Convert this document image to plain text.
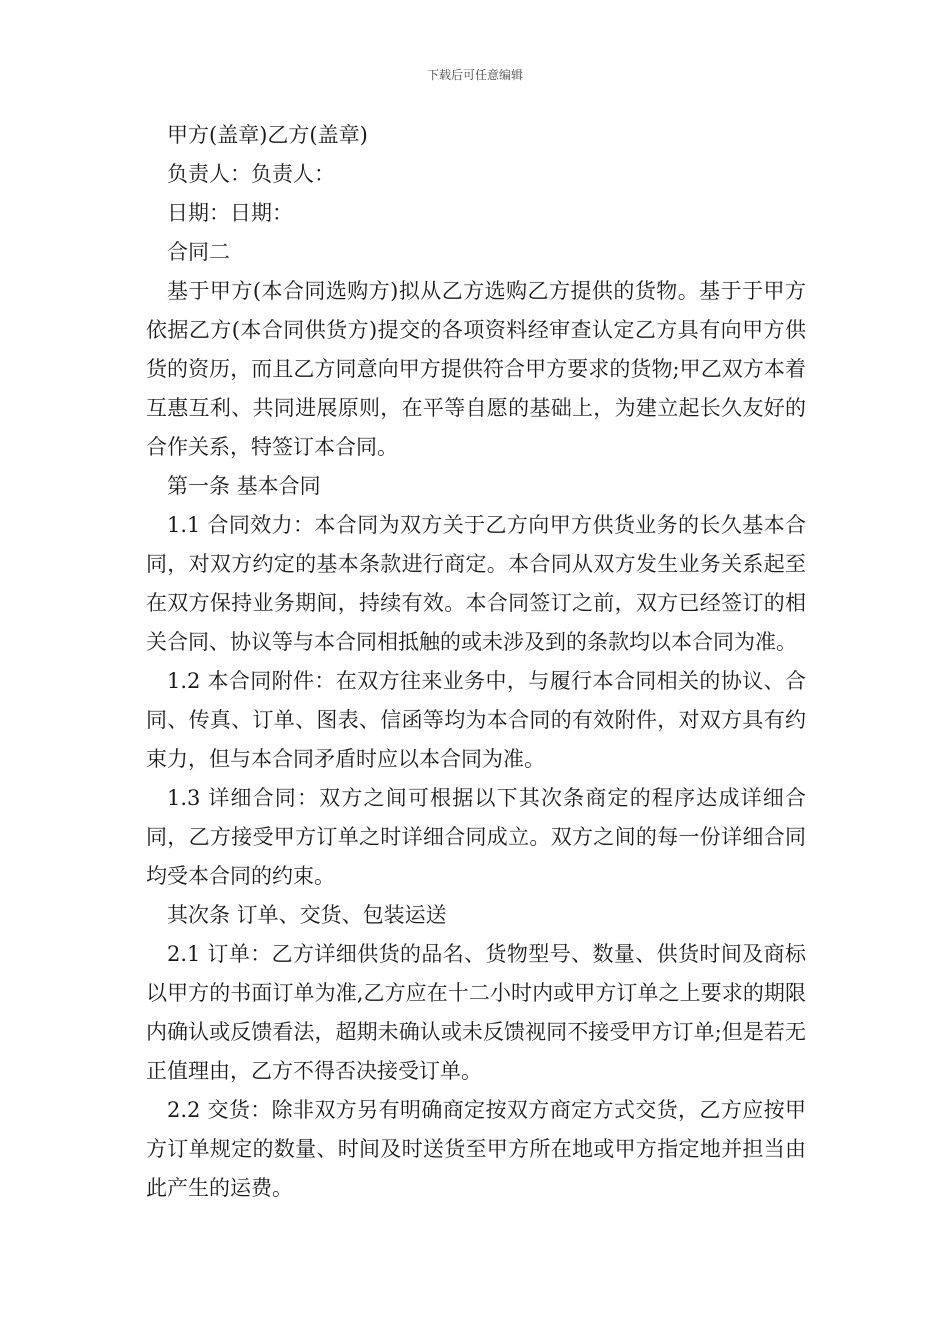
下载后可任意编辑

甲方(盖章)乙方(盖章)

负责人：负责人：

日期：日期：

合同二

基于甲方(本合同选购方)拟从乙方选购乙方提供的货物。基于于甲方依据乙方(本合同供货方)提交的各项资料经审查认定乙方具有向甲方供货的资历，而且乙方同意向甲方提供符合甲方要求的货物;甲乙双方本着互惠互利、共同进展原则，在平等自愿的基础上，为建立起长久友好的合作关系，特签订本合同。

第一条 基本合同

1.1 合同效力：本合同为双方关于乙方向甲方供货业务的长久基本合同，对双方约定的基本条款进行商定。本合同从双方发生业务关系起至在双方保持业务期间，持续有效。本合同签订之前，双方已经签订的相关合同、协议等与本合同相抵触的或未涉及到的条款均以本合同为准。

1.2 本合同附件：在双方往来业务中，与履行本合同相关的协议、合同、传真、订单、图表、信函等均为本合同的有效附件，对双方具有约束力，但与本合同矛盾时应以本合同为准。

1.3 详细合同：双方之间可根据以下其次条商定的程序达成详细合同，乙方接受甲方订单之时详细合同成立。双方之间的每一份详细合同均受本合同的约束。

其次条 订单、交货、包装运送

2.1 订单：乙方详细供货的品名、货物型号、数量、供货时间及商标以甲方的书面订单为准,乙方应在十二小时内或甲方订单之上要求的期限内确认或反馈看法，超期未确认或未反馈视同不接受甲方订单;但是若无正值理由，乙方不得否决接受订单。

2.2 交货：除非双方另有明确商定按双方商定方式交货，乙方应按甲方订单规定的数量、时间及时送货至甲方所在地或甲方指定地并担当由此产生的运费。
